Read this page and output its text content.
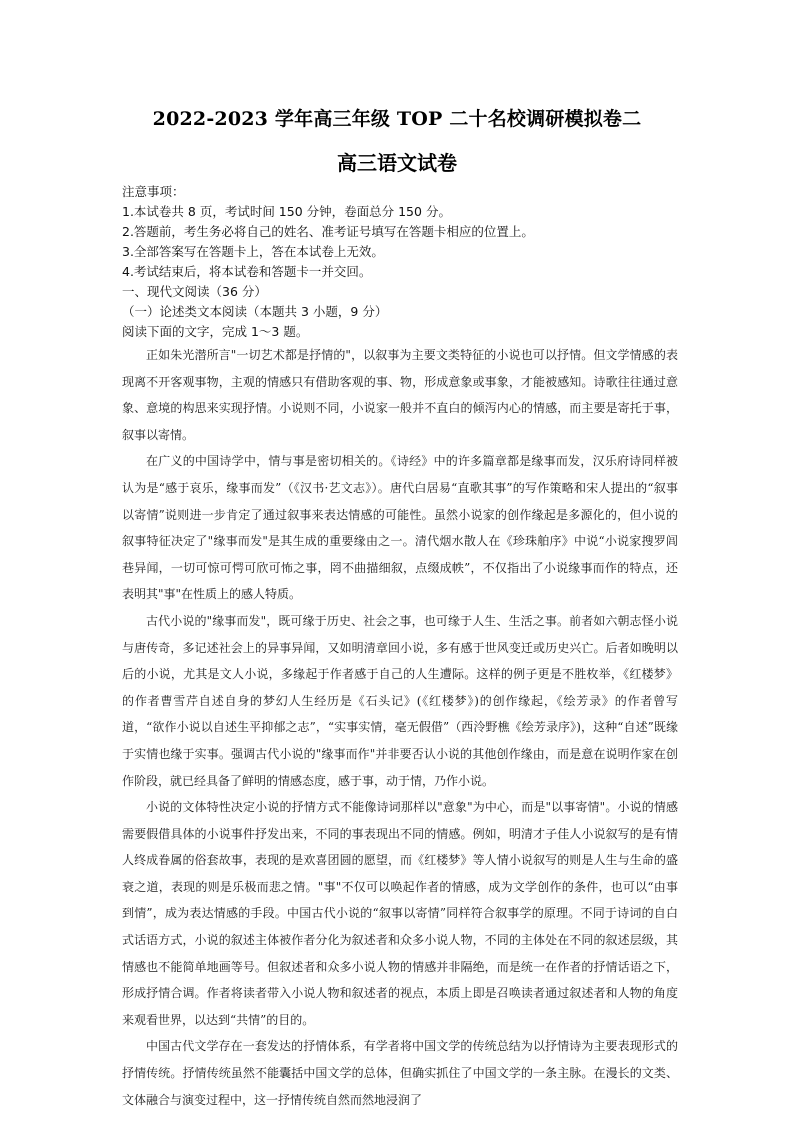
2022-2023 学年高三年级 TOP 二十名校调研模拟卷二
高三语文试卷
注意事项：
1.本试卷共 8 页，考试时间 150 分钟，卷面总分 150 分。
2.答题前，考生务必将自己的姓名、准考证号填写在答题卡相应的位置上。
3.全部答案写在答题卡上，答在本试卷上无效。
4.考试结束后，将本试卷和答题卡一并交回。
一、现代文阅读（36 分）
（一）论述类文本阅读（本题共 3 小题，9 分）
阅读下面的文字，完成 1～3 题。

正如朱光潜所言"一切艺术都是抒情的"，以叙事为主要文类特征的小说也可以抒情。但文学情感的表现离不开客观事物，主观的情感只有借助客观的事、物，形成意象或事象，才能被感知。诗歌往往通过意象、意境的构思来实现抒情。小说则不同，小说家一般并不直白的倾泻内心的情感，而主要是寄托于事，叙事以寄情。

在广义的中国诗学中，情与事是密切相关的。《诗经》中的许多篇章都是缘事而发，汉乐府诗同样被认为是“感于哀乐，缘事而发”（《汉书·艺文志》）。唐代白居易“直歌其事”的写作策略和宋人提出的“叙事以寄情”说则进一步肯定了通过叙事来表达情感的可能性。虽然小说家的创作缘起是多源化的，但小说的叙事特征决定了"缘事而发"是其生成的重要缘由之一。清代烟水散人在《珍珠舶序》中说“小说家搜罗闾巷异闻，一切可惊可愕可欣可怖之事，罔不曲描细叙，点缀成帙”，不仅指出了小说缘事而作的特点，还表明其"事"在性质上的感人特质。

古代小说的"缘事而发"，既可缘于历史、社会之事，也可缘于人生、生活之事。前者如六朝志怪小说与唐传奇，多记述社会上的异事异闻，又如明清章回小说，多有感于世风变迁或历史兴亡。后者如晚明以后的小说，尤其是文人小说，多缘起于作者感于自己的人生遭际。这样的例子更是不胜枚举，《红楼梦》的作者曹雪芹自述自身的梦幻人生经历是《石头记》(《红楼梦》)的创作缘起，《绘芳录》的作者曾写道，“欲作小说以自述生平抑郁之志”，“实事实情，毫无假借”（西泠野樵《绘芳录序》)，这种“自述”既缘于实情也缘于实事。强调古代小说的"缘事而作"并非要否认小说的其他创作缘由，而是意在说明作家在创作阶段，就已经具备了鲜明的情感态度，感于事，动于情，乃作小说。

小说的文体特性决定小说的抒情方式不能像诗词那样以"意象"为中心，而是"以事寄情"。小说的情感需要假借具体的小说事件抒发出来，不同的事表现出不同的情感。例如，明清才子佳人小说叙写的是有情人终成眷属的俗套故事，表现的是欢喜团圆的愿望，而《红楼梦》等人情小说叙写的则是人生与生命的盛衰之道，表现的则是乐极而悲之情。"事"不仅可以唤起作者的情感，成为文学创作的条件，也可以“由事到情”，成为表达情感的手段。中国古代小说的“叙事以寄情”同样符合叙事学的原理。不同于诗词的自白式话语方式，小说的叙述主体被作者分化为叙述者和众多小说人物，不同的主体处在不同的叙述层级，其情感也不能简单地画等号。但叙述者和众多小说人物的情感并非隔绝，而是统一在作者的抒情话语之下，形成抒情合调。作者将读者带入小说人物和叙述者的视点，本质上即是召唤读者通过叙述者和人物的角度来观看世界，以达到“共情”的目的。

中国古代文学存在一套发达的抒情体系，有学者将中国文学的传统总结为以抒情诗为主要表现形式的抒情传统。抒情传统虽然不能囊括中国文学的总体，但确实抓住了中国文学的一条主脉。在漫长的文类、文体融合与演变过程中，这一抒情传统自然而然地浸润了
